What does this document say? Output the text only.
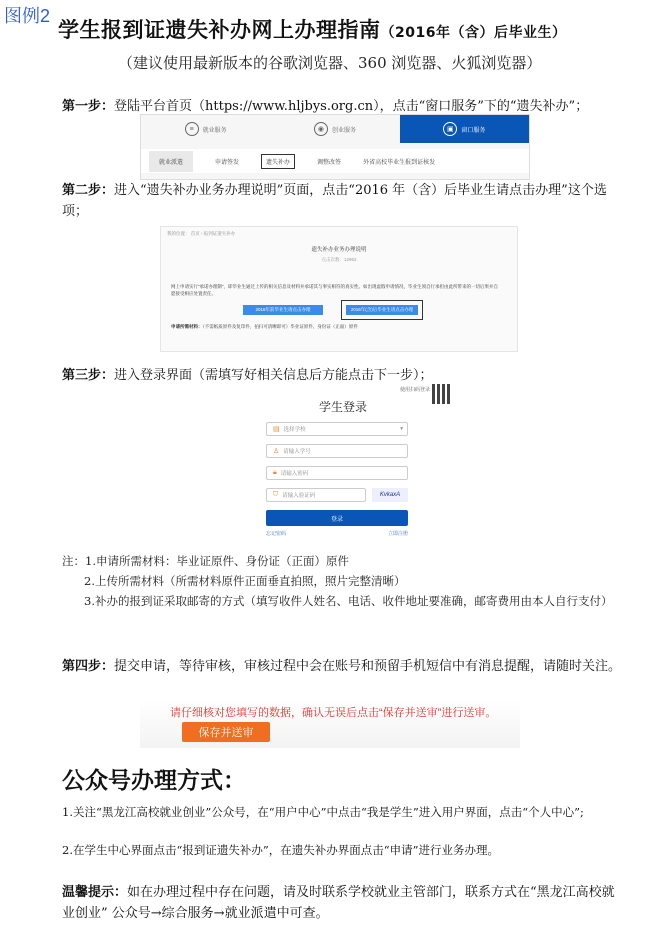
图例2
学生报到证遗失补办网上办理指南（2016年（含）后毕业生）
（建议使用最新版本的谷歌浏览器、360 浏览器、火狐浏览器）
第一步：登陆平台首页（https://www.hljbys.org.cn），点击“窗口服务”下的“遗失补办”；
≡	就业服务	◉	创业服务	▣	窗口服务
就业派遣	申请签发	遗失补办	调整改签	外省高校毕业生报到证核发
第二步：进入“遗失补办业务办理说明”页面，点击“2016 年（含）后毕业生请点击办理”这个选项；
我的位置： 首页 › 报到证遗失补办
遗失补办业务办理说明
点击次数：12962
网上申请实行“承诺办理制”，即毕业生通过上传的相关信息及材料并承诺其与事实相符的真实性。如出现虚假申请情况，毕业生须自行承担由此所带来的一切后果并自愿接受相应处置责任。
2016年前毕业生请点击办理	2016年(含)后毕业生请点击办理
申请所需材料：（不需纸质原件及复印件，拍扫可清晰即可）毕业证原件、身份证（正面）原件
第三步：进入登录界面（需填写好相关信息后方能点击下一步）；
使用扫码登录
学生登录
▤ 选择学校	▾
♙ 请输入学号
🔒︎ 请输入密码
⛉ 请输入验证码	KvkaxA
登录
忘记密码	立即注册
注：1.申请所需材料：毕业证原件、身份证（正面）原件
2.上传所需材料（所需材料原件正面垂直拍照，照片完整清晰）
3.补办的报到证采取邮寄的方式（填写收件人姓名、电话、收件地址要准确，邮寄费用由本人自行支付）
第四步：提交申请，等待审核，审核过程中会在账号和预留手机短信中有消息提醒，请随时关注。
请仔细核对您填写的数据，确认无误后点击“保存并送审”进行送审。
保存并送审
公众号办理方式：
1.关注“黑龙江高校就业创业”公众号，在“用户中心”中点击“我是学生”进入用户界面，点击“个人中心”;
2.在学生中心界面点击“报到证遗失补办”，在遗失补办界面点击“申请”进行业务办理。
温馨提示：如在办理过程中存在问题，请及时联系学校就业主管部门，联系方式在“黑龙江高校就业创业” 公众号→综合服务→就业派遣中可查。
